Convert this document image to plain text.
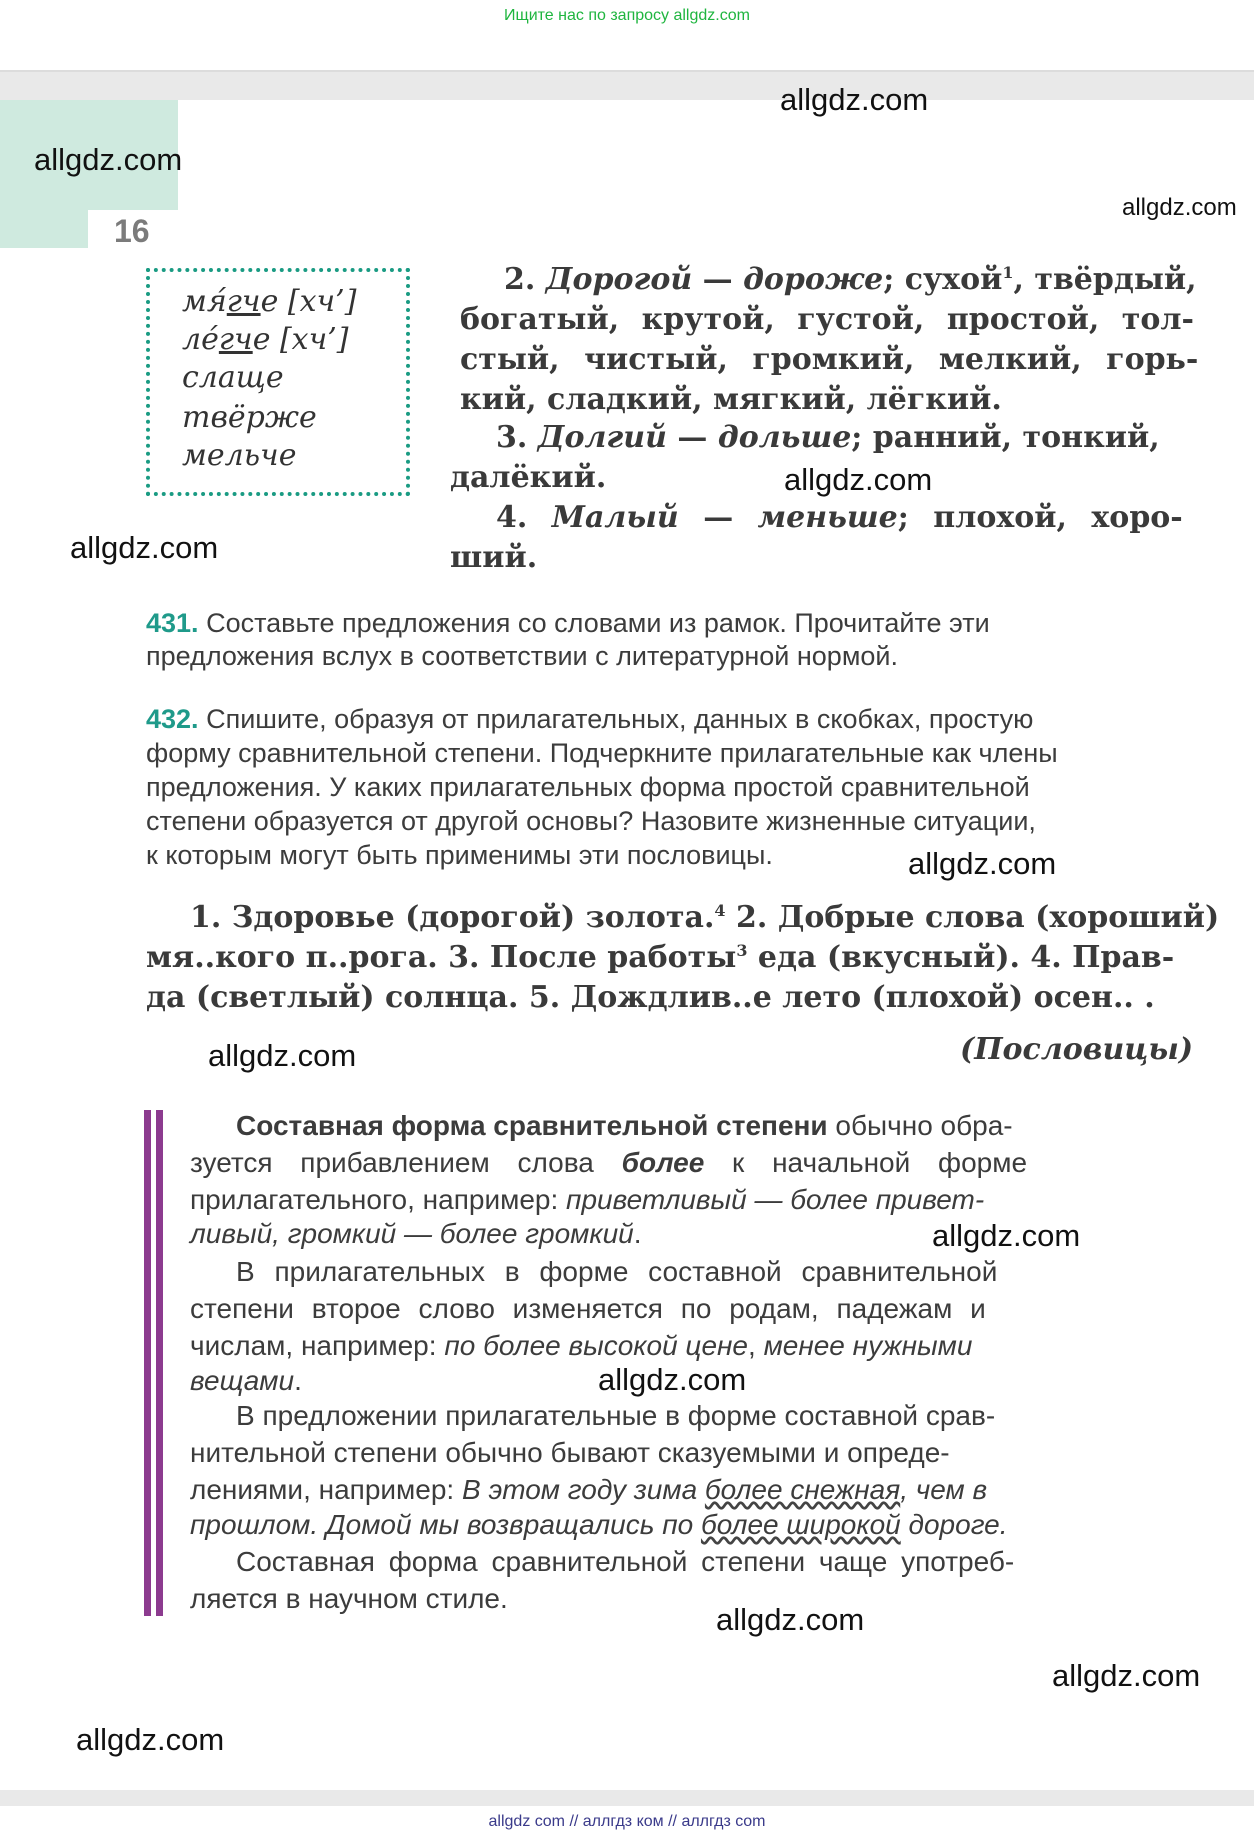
Ищите нас по запросу allgdz.com
16
мя́гче [хч’]
ле́гче [хч’]
слаще
твёрже
мельче
2. Дорогой — дороже; сухой$^1$, твёрдый,
богатый, крутой, густой, простой, тол-
стый, чистый, громкий, мелкий, горь-
кий, сладкий, мягкий, лёгкий.
3. Долгий — дольше; ранний, тонкий,
далёкий.
4. Малый — меньше; плохой, хоро-
ший.
431. Составьте предложения со словами из рамок. Прочитайте эти
предложения вслух в соответствии с литературной нормой.
432. Спишите, образуя от прилагательных, данных в скобках, простую
форму сравнительной степени. Подчеркните прилагательные как члены
предложения. У каких прилагательных форма простой сравнительной
степени образуется от другой основы? Назовите жизненные ситуации,
к которым могут быть применимы эти пословицы.
1. Здоровье (дорогой) золота.$^4$ 2. Добрые слова (хороший)
мя..кого п..рога. 3. После работы$^3$ еда (вкусный). 4. Прав-
да (светлый) солнца. 5. Дождлив..е лето (плохой) осен.. .
(Пословицы)
Составная форма сравнительной степени обычно обра-
зуется прибавлением слова более к начальной форме
прилагательного, например: приветливый — более привет-
ливый, громкий — более громкий.
В прилагательных в форме составной сравнительной
степени второе слово изменяется по родам, падежам и
числам, например: по более высокой цене, менее нужными
вещами.
В предложении прилагательные в форме составной срав-
нительной степени обычно бывают сказуемыми и опреде-
лениями, например: В этом году зима более снежная, чем в
прошлом. Домой мы возвращались по более широкой дороге.
Составная форма сравнительной степени чаще употреб-
ляется в научном стиле.
allgdz.com
allgdz.com
allgdz.com
allgdz.com
allgdz.com
allgdz.com
allgdz.com
allgdz.com
allgdz.com
allgdz.com
allgdz.com
allgdz.com
allgdz com // аллгдз ком // аллгдз com
